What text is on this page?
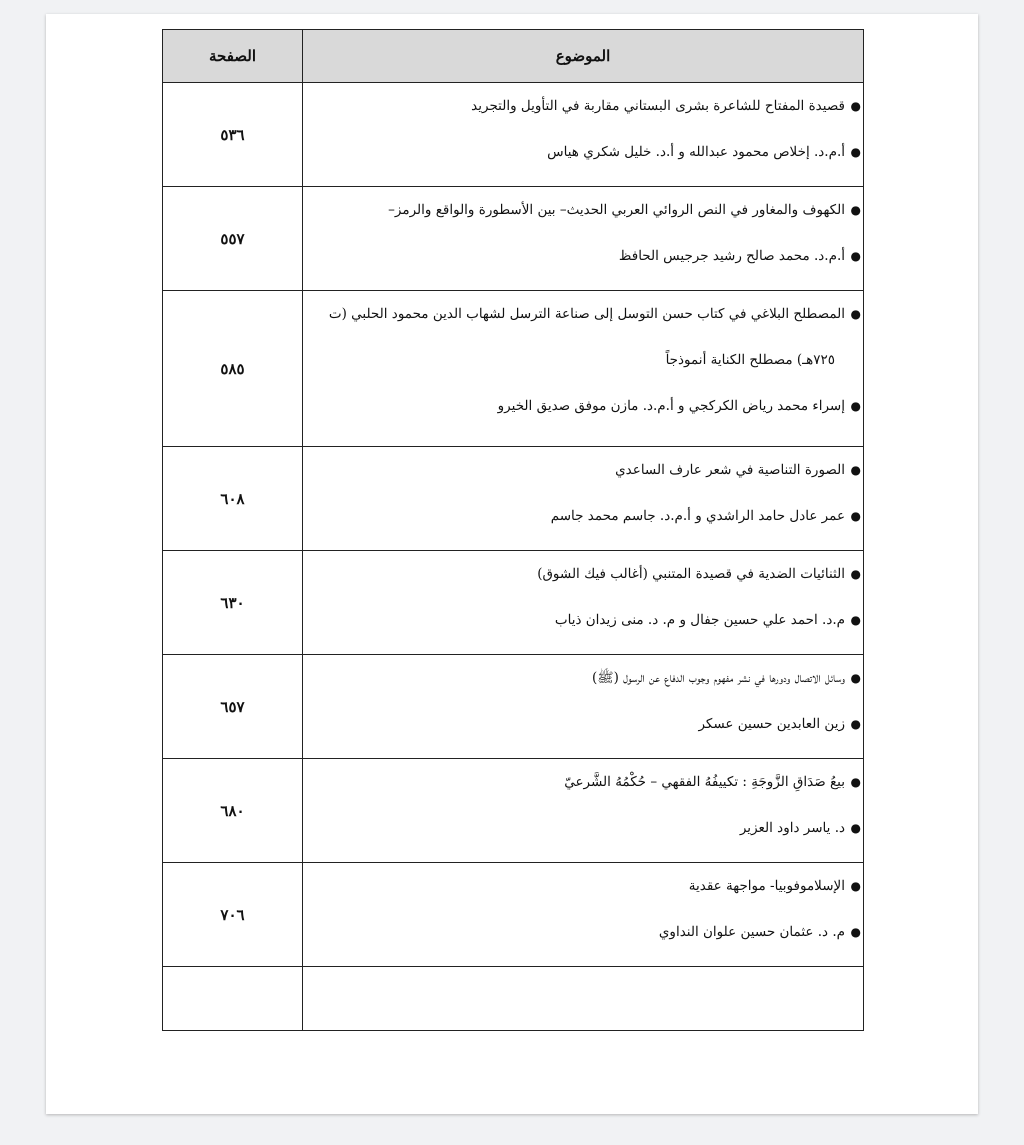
الصفحة	الموضوع
٥٣٦	●
قصيدة المفتاح للشاعرة بشرى البستاني مقاربة في التأويل والتجريد
●
أ.م.د. إخلاص محمود عبدالله و أ.د. خليل شكري هياس

٥٥٧	●
الكهوف والمغاور في النص الروائي العربي الحديث– بين الأسطورة والواقع والرمز–
●
أ.م.د. محمد صالح رشيد جرجيس الحافظ

٥٨٥	●
المصطلح البلاغي في كتاب حسن التوسل إلى صناعة الترسل لشهاب الدين محمود الحلبي (ت
٧٢٥هـ) مصطلح الكناية أنموذجاً
●
إسراء محمد رياض الكركجي و أ.م.د. مازن موفق صديق الخيرو

٦٠٨	●
الصورة التناصية في شعر عارف الساعدي
●
عمر عادل حامد الراشدي و أ.م.د. جاسم محمد جاسم

٦٣٠	●
الثنائيات الضدية في قصيدة المتنبي (أغالب فيك الشوق)
●
م.د. احمد علي حسين جفال و م. د. منى زيدان ذياب

٦٥٧	●
وسائل الاتصال ودورها في نشر مفهوم وجوب الدفاع عن الرسول (ﷺ)
●
زين العابدين حسين عسكر

٦٨٠	●
بيعُ صَدَاقِ الزَّوجَةِ : تكييفُهُ الفقهي – حُكْمُهُ الشَّرعيّ
●
د. ياسر داود العزير

٧٠٦	●
الإسلاموفوبيا- مواجهة عقدية
●
م. د. عثمان حسين علوان النداوي
